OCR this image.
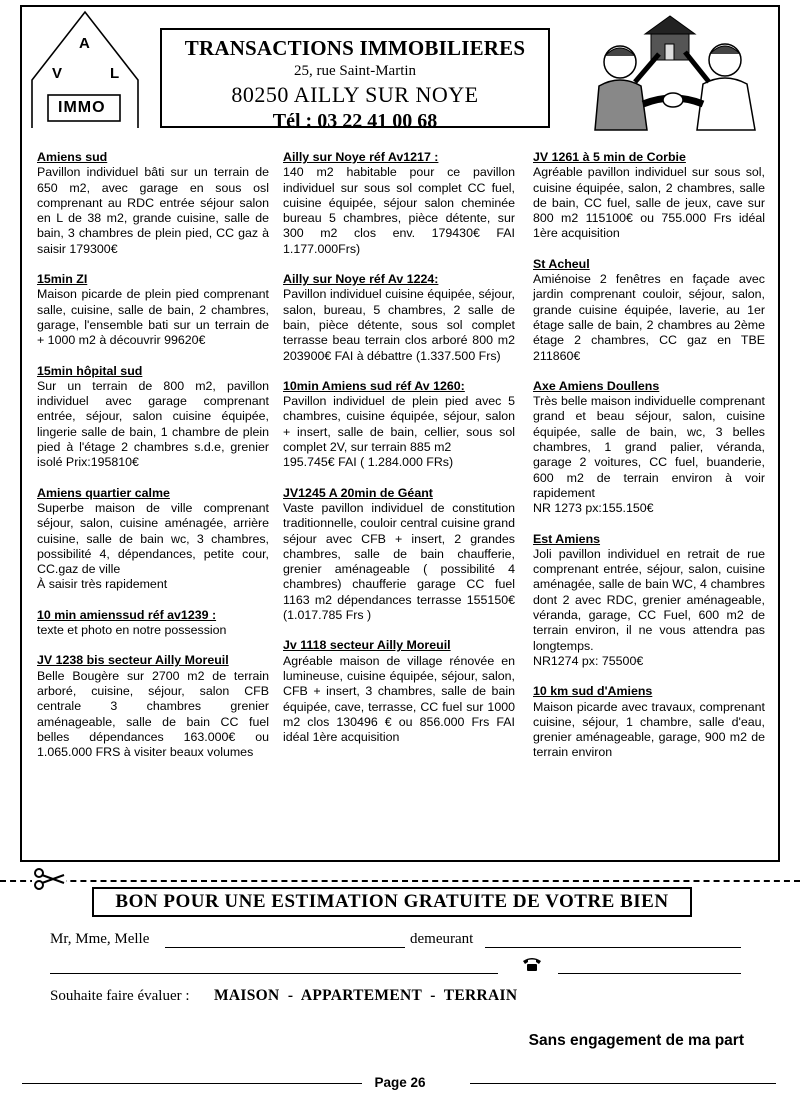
V
A
L
IMMO
TRANSACTIONS IMMOBILIERES
25, rue Saint-Martin
80250 AILLY SUR NOYE
Tél : 03 22 41 00 68
Amiens sud
Pavillon individuel bâti sur un terrain de 650 m2, avec garage en sous osl comprenant au RDC entrée séjour salon en L de 38 m2, grande cuisine, salle de bain, 3 chambres de plein pied, CC gaz à saisir 179300€
15min ZI
Maison picarde de plein pied comprenant salle, cuisine, salle de bain, 2 chambres, garage, l'ensemble bati sur un terrain de + 1000 m2 à découvrir 99620€
15min hôpital sud
Sur un terrain de 800 m2, pavillon individuel avec garage comprenant entrée, séjour, salon cuisine équipée, lingerie salle de bain, 1 chambre de plein pied à l'étage 2 chambres s.d.e, grenier isolé Prix:195810€
Amiens quartier calme
Superbe maison de ville comprenant séjour, salon, cuisine aménagée, arrière cuisine, salle de bain wc, 3 chambres, possibilité 4, dépendances, petite cour, CC.gaz de ville
À saisir très rapidement
10 min amienssud réf av1239 :
texte et photo en notre possession
JV 1238 bis secteur Ailly Moreuil
Belle Bougère sur 2700 m2 de terrain arboré, cuisine, séjour, salon CFB centrale 3 chambres grenier aménageable, salle de bain CC fuel belles dépendances 163.000€ ou 1.065.000 FRS à visiter beaux volumes
Ailly sur Noye réf Av1217 :
140 m2 habitable pour ce pavillon individuel sur sous sol complet CC fuel, cuisine équipée, séjour salon cheminée bureau 5 chambres, pièce détente, sur 300 m2 clos env. 179430€ FAI 1.177.000Frs)
Ailly sur Noye réf Av 1224:
Pavillon individuel cuisine équipée, séjour, salon, bureau, 5 chambres, 2 salle de bain, pièce détente, sous sol complet terrasse beau terrain clos arboré 800 m2 203900€ FAI à débattre (1.337.500 Frs)
10min Amiens sud réf Av 1260:
Pavillon individuel de plein pied avec 5 chambres, cuisine équipée, séjour, salon + insert, salle de bain, cellier, sous sol complet 2V, sur terrain 885 m2
195.745€ FAI ( 1.284.000 FRs)
JV1245 A 20min de Géant
Vaste pavillon individuel de constitution traditionnelle, couloir central cuisine grand séjour avec CFB + insert, 2 grandes chambres, salle de bain chaufferie, grenier aménageable ( possibilité 4 chambres) chaufferie garage CC fuel 1163 m2 dépendances terrasse 155150€ (1.017.785 Frs )
Jv 1118 secteur Ailly Moreuil
Agréable maison de village rénovée en lumineuse, cuisine équipée, séjour, salon, CFB + insert, 3 chambres, salle de bain équipée, cave, terrasse, CC fuel sur 1000 m2 clos 130496 € ou 856.000 Frs FAI idéal 1ère acquisition
JV 1261 à 5 min de Corbie
Agréable pavillon individuel sur sous sol, cuisine équipée, salon, 2 chambres, salle de bain, CC fuel, salle de jeux, cave sur 800 m2 115100€ ou 755.000 Frs idéal 1ère acquisition
St Acheul
Amiénoise 2 fenêtres en façade avec jardin comprenant couloir, séjour, salon, grande cuisine équipée, laverie, au 1er étage salle de bain, 2 chambres au 2ème étage 2 chambres, CC gaz en TBE 211860€
Axe Amiens Doullens
Très belle maison individuelle comprenant grand et beau séjour, salon, cuisine équipée, salle de bain, wc, 3 belles chambres, 1 grand palier, véranda, garage 2 voitures, CC fuel, buanderie, 600 m2 de terrain environ à voir rapidement
NR 1273 px:155.150€
Est Amiens
Joli pavillon individuel en retrait de rue comprenant entrée, séjour, salon, cuisine aménagée, salle de bain WC, 4 chambres dont 2 avec RDC, grenier aménageable, véranda, garage, CC Fuel, 600 m2 de terrain environ, il ne vous attendra pas longtemps.
NR1274 px: 75500€
10 km sud d'Amiens
Maison picarde avec travaux, comprenant cuisine, séjour, 1 chambre, salle d'eau, grenier aménageable, garage, 900 m2 de terrain environ
BON POUR UNE ESTIMATION GRATUITE DE VOTRE BIEN
Mr, Mme, Melle	demeurant
Souhaite faire évaluer : MAISON  -  APPARTEMENT  -  TERRAIN
Sans engagement de ma part
Page 26
